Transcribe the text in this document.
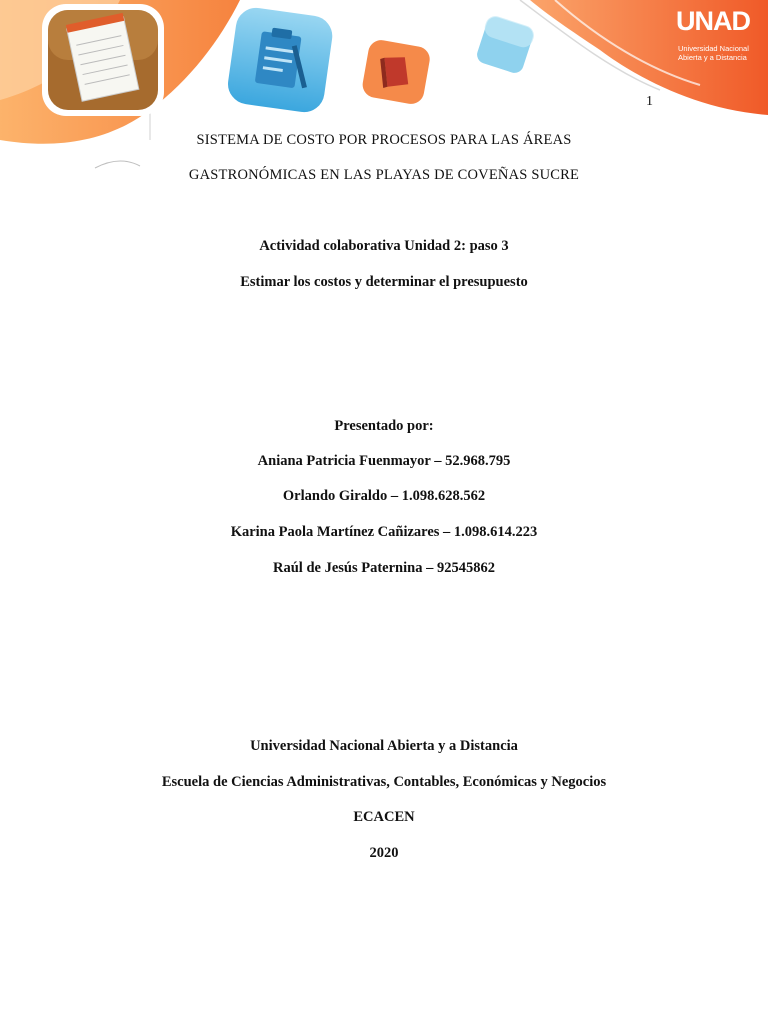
UNAD
Universidad Nacional
Abierta y a Distancia
1
SISTEMA DE COSTO POR PROCESOS PARA LAS ÁREAS
GASTRONÓMICAS EN LAS PLAYAS DE COVEÑAS SUCRE
Actividad colaborativa Unidad 2: paso 3
Estimar los costos y determinar el presupuesto
Presentado por:
Aniana Patricia Fuenmayor – 52.968.795
Orlando Giraldo – 1.098.628.562
Karina Paola Martínez Cañizares – 1.098.614.223
Raúl de Jesús Paternina – 92545862
Universidad Nacional Abierta y a Distancia
Escuela de Ciencias Administrativas, Contables, Económicas y Negocios
ECACEN
2020
